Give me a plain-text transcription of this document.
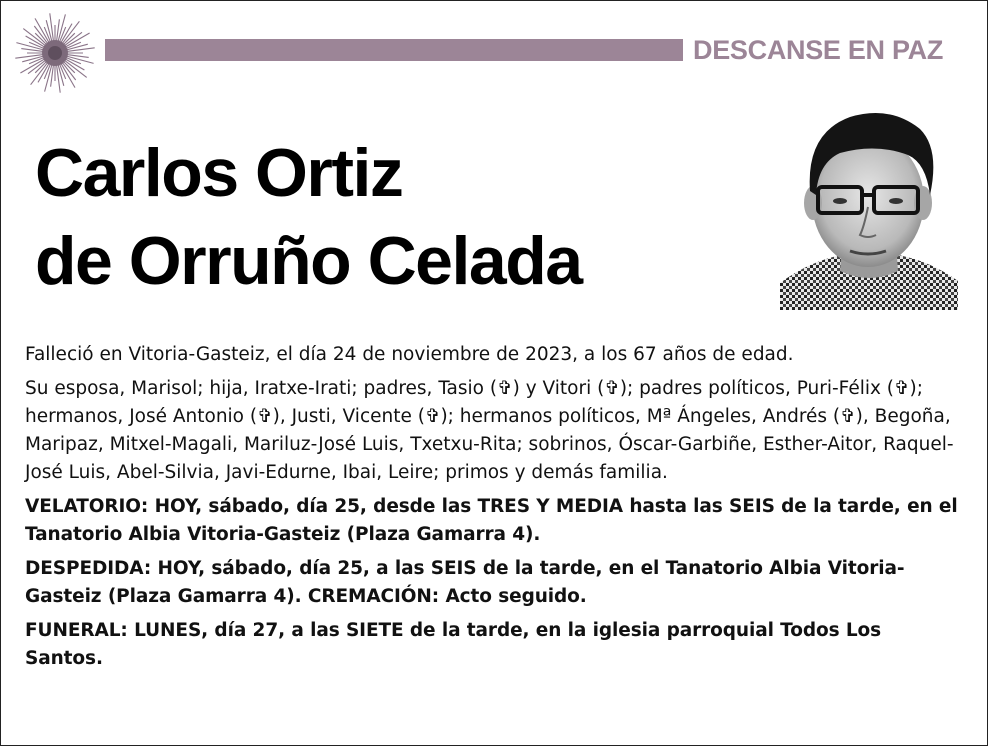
DESCANSE EN PAZ
Carlos Ortiz
de Orruño Celada

Falleció en Vitoria-Gasteiz, el día 24 de noviembre de 2023, a los 67 años de edad.

Su esposa, Marisol; hija, Iratxe-Irati; padres, Tasio (✞) y Vitori (✞); padres políticos, Puri-Félix (✞); hermanos, José Antonio (✞), Justi, Vicente (✞); hermanos políticos, Mª Ángeles, Andrés (✞), Begoña, Maripaz, Mitxel-Magali, Mariluz-José Luis, Txetxu-Rita; sobrinos, Óscar-Garbiñe, Esther-Aitor, Raquel-José Luis, Abel-Silvia, Javi-Edurne, Ibai, Leire; primos y demás familia.

VELATORIO: HOY, sábado, día 25, desde las TRES Y MEDIA hasta las SEIS de la tarde, en el Tanatorio Albia Vitoria-Gasteiz (Plaza Gamarra 4).

DESPEDIDA: HOY, sábado, día 25, a las SEIS de la tarde, en el Tanatorio Albia Vitoria-Gasteiz (Plaza Gamarra 4). CREMACIÓN: Acto seguido.

FUNERAL: LUNES, día 27, a las SIETE de la tarde, en la iglesia parroquial Todos Los Santos.
